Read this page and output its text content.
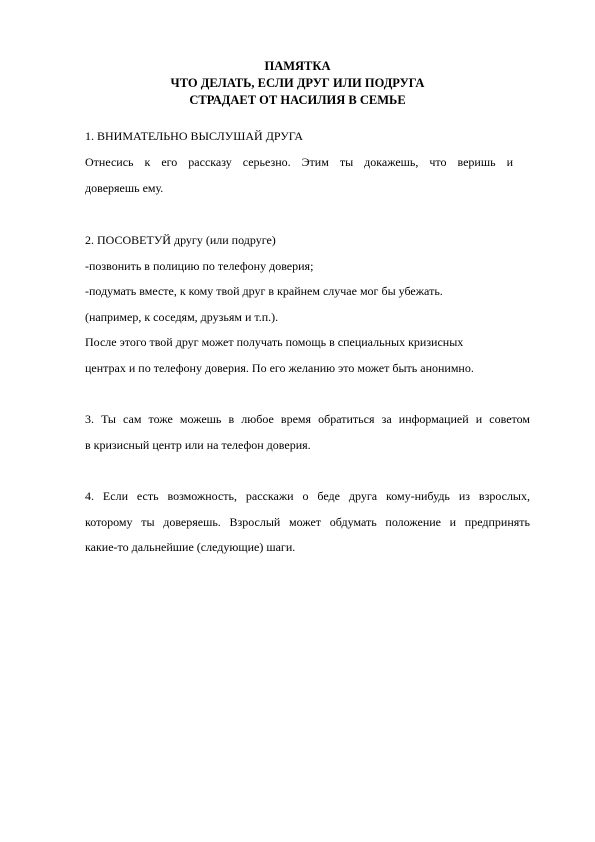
ПАМЯТКА
ЧТО ДЕЛАТЬ, ЕСЛИ ДРУГ ИЛИ ПОДРУГА
СТРАДАЕТ ОТ НАСИЛИЯ В СЕМЬЕ
1. ВНИМАТЕЛЬНО ВЫСЛУШАЙ ДРУГА
Отнесись к его рассказу серьезно. Этим ты докажешь, что веришь и
доверяешь ему.
2. ПОСОВЕТУЙ другу (или подруге)
-позвонить в полицию по телефону доверия;
-подумать вместе, к кому твой друг в крайнем случае мог бы убежать.
(например, к соседям, друзьям и т.п.).
После этого твой друг может получать помощь в специальных кризисных
центрах и по телефону доверия. По его желанию это может быть анонимно.
3. Ты сам тоже можешь в любое время обратиться за информацией и советом
в кризисный центр или на телефон доверия.
4. Если есть возможность, расскажи о беде друга кому-нибудь из взрослых,
которому ты доверяешь. Взрослый может обдумать положение и предпринять
какие-то дальнейшие (следующие) шаги.
